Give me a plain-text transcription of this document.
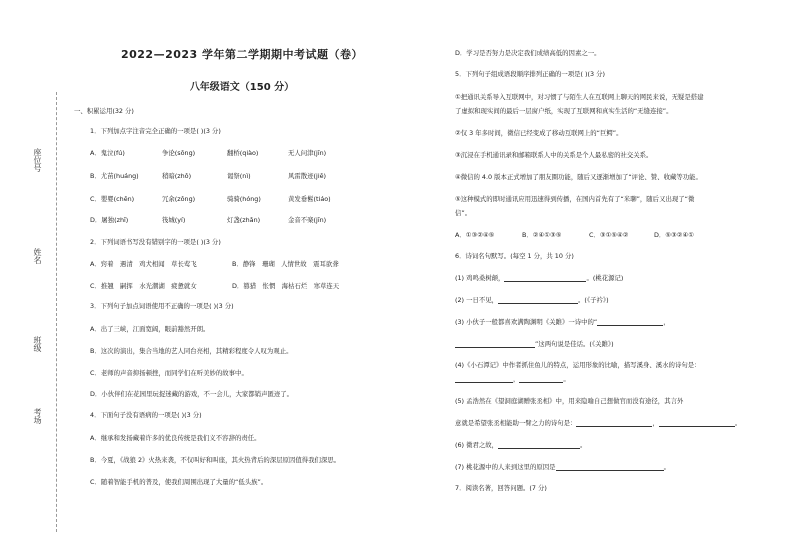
座位号
姓名
班级
考场
2022—2023 学年第二学期期中考试题（卷）
八年级语文（150 分）
一、积累运用(32 分)
1．下列加点字注音完全正确的一项是( )(3 分)
A．鬼泣(fú)	争论(sōng)	翻桥(qiào)	无人问津(jīn)
B．尤苗(huáng)	稍暗(zhǒ)	谒祭(nì)	风雷散迹(jiē)
C．嬰婴(chēn)	冗余(zǒng)	骑骑(hóng)	黄发垂髫(tiáo)
D．屠独(zhī)	筏城(yí)	灯盏(zhǎn)	金音不楽(jīn)
2．下列词语书写没有错别字的一项是( )(3 分)
A．窍着　遇清　鸡犬相闻　草长莺飞	B．静锋　珊瑚　人情世故　震耳欲聋
C．推翘　嗣挥　水光潮湖　疲惫就女	D．篡猎　怅惘　海枯石烂　寒草连天
3．下列句子加点词语使用不正确的一项是( )(3 分)
A．出了三峡，江面宽阔，眼前豁然开朗。
B．这次的演出，集合当地的艺人同台亮相，其精彩程度令人叹为观止。
C．老师的声音抑扬顿挫，而同学们在听美妙的故事中。
D．小伙伴们在花园里玩捉迷藏的游戏，不一会儿，大家都销声匿迹了。
4．下面句子没有语病的一项是( )(3 分)
A．继承和发扬藏着许多的优良传统是我们义不容辞的责任。
B．今夏，《战狼 2》火热来袭，不仅叫好和叫座，其火热背后的深层原因值得我们深思。
C．随着智能手机的普及，使我们周围出现了大量的“低头族”。
D．学习是否努力是决定我们成绩高低的因素之一。
5．下列句子组成语段顺序排列正确的一项是( )(3 分)
①把通讯关系导入互联网中，对习惯了与陌生人在互联网上聊天的网民来说，无疑是搭建
了虚拟和现实间的最后一层窗户纸，实现了互联网和真实生活的“无缝连接”。
②仅 3 年多时间，微信已经变成了移动互联网上的“巨鳄”。
③沉浸在手机通讯录和邮箱联系人中的关系是个人最私密的社交关系。
④微信的 4.0 版本正式增加了朋友圈功能，随后又逐渐增加了“评论、赞、收藏等功能。
⑤这种模式的即时通讯应用迅速得到传播，在国内首先有了“米聊”，随后又出现了“微
信”。
A．①③②④⑤	B．②④①③⑤	C．③①⑤④②	D．⑤③②④①
6．诗词名句默写。(每空 1 分，共 10 分)
(1) 鸡鸣桑树颠，	。(桃花源记)
(2) 一日不见，	。(《子衿》)
(3) 小伙子一般都喜欢满陶渊明《关雎》一诗中的“	，
”这两句说是佳话。(《关雎》)
(4)《小石潭记》中作者抓住鱼儿的特点，运用形象的比喻，描写溪身、溪水的诗句是：
，	。
(5) 孟浩然在《望洞庭湖赠张丞相》中，用来隐喻自己想做官而没有途径，其言外
意就是希望张丞相能助一臂之力的诗句是：	，	。
(6) 微君之故，	。
(7) 桃花源中的人来到这里的原因是	。
7．阅读名著，回答问题。(7 分)
